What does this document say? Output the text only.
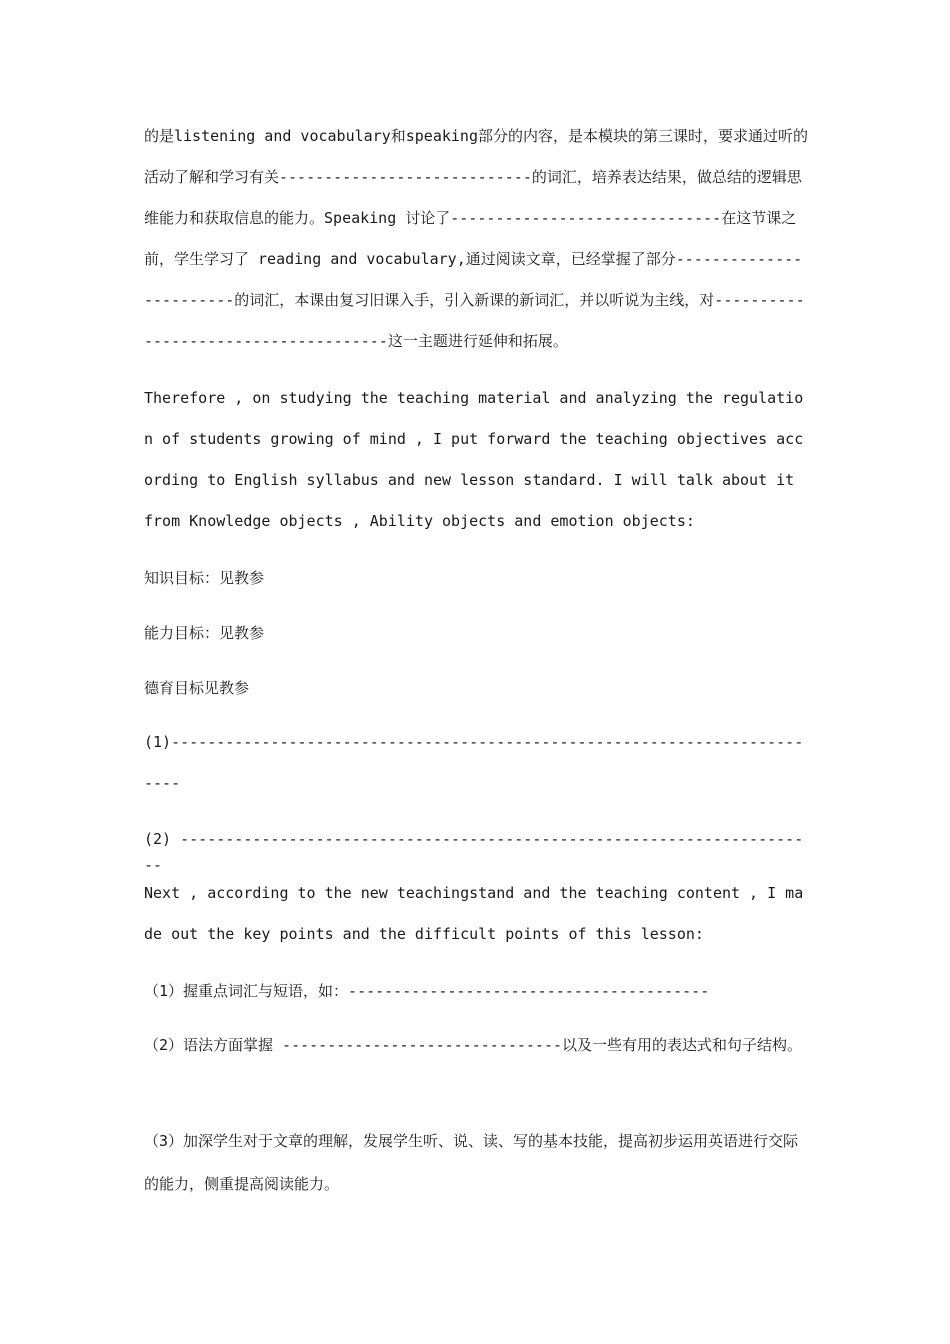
的是listening and vocabulary和speaking部分的内容，是本模块的第三课时，要求通过听的活动了解和学习有关----------------------------的词汇，培养表达结果，做总结的逻辑思维能力和获取信息的能力。Speaking 讨论了------------------------------在这节课之前，学生学习了 reading and vocabulary,通过阅读文章，已经掌握了部分------------------------的词汇，本课由复习旧课入手，引入新课的新词汇，并以听说为主线，对-------------------------------------这一主题进行延伸和拓展。
Therefore , on studying the teaching material and analyzing the regulation of students growing of mind , I put forward the teaching objectives according to English syllabus and new lesson standard. I will talk about it from Knowledge objects , Ability objects and emotion objects:
知识目标：见教参
能力目标：见教参
德育目标见教参
(1)--------------------------------------------------------------------------
(2) -----------------------------------------------------------------------
Next , according to the new teachingstand and the teaching content , I made out the key points and the difficult points of this lesson:
（1）握重点词汇与短语，如：----------------------------------------
（2）语法方面掌握 -------------------------------以及一些有用的表达式和句子结构。
（3）加深学生对于文章的理解，发展学生听、说、读、写的基本技能，提高初步运用英语进行交际的能力，侧重提高阅读能力。
